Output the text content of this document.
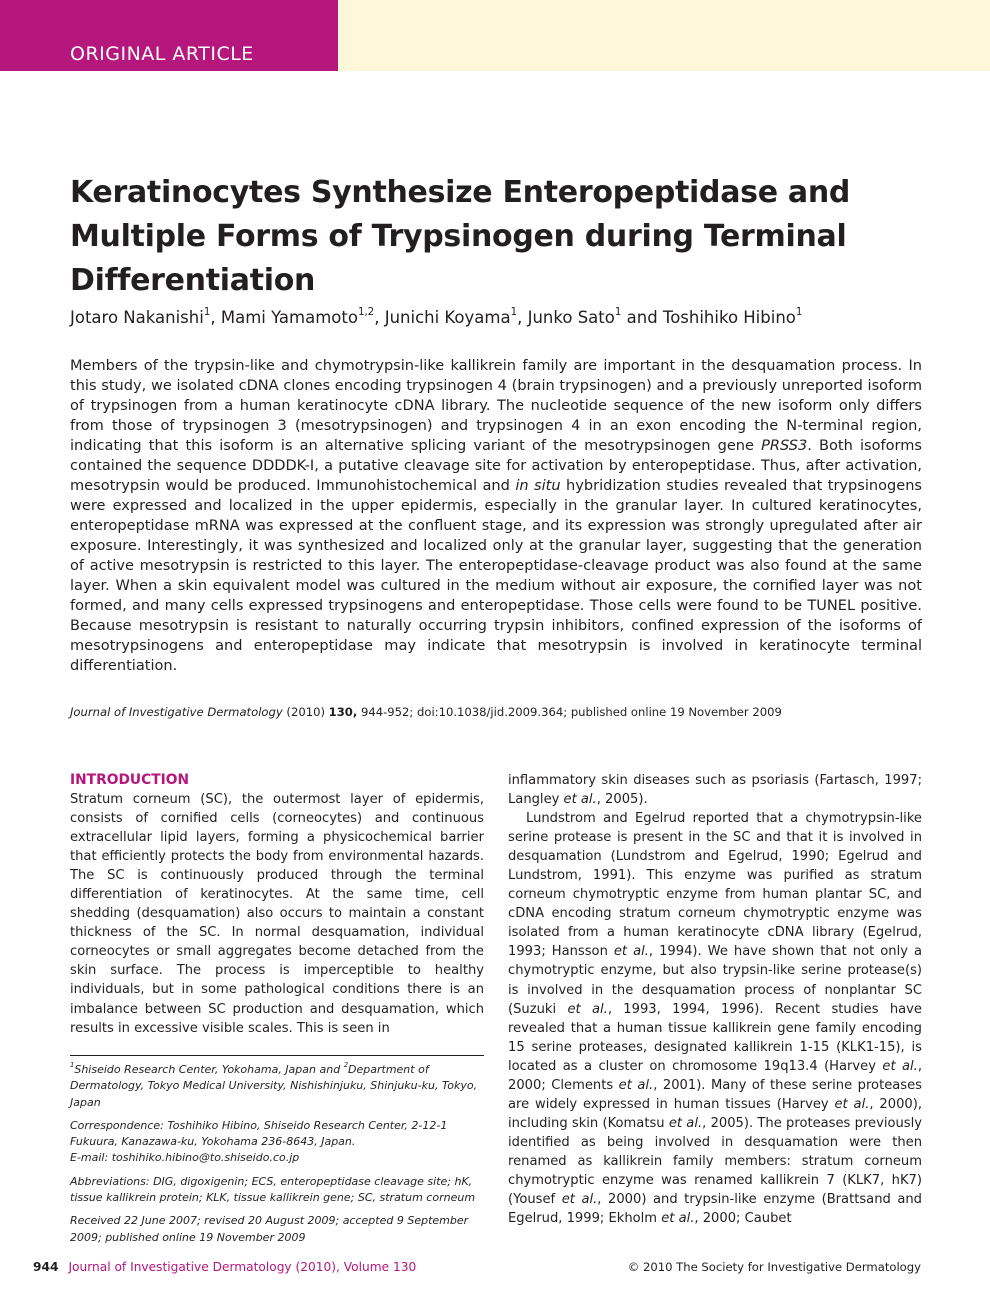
ORIGINAL ARTICLE
Keratinocytes Synthesize Enteropeptidase and Multiple Forms of Trypsinogen during Terminal Differentiation
Jotaro Nakanishi$^1$, Mami Yamamoto$^{1,2}$, Junichi Koyama$^1$, Junko Sato$^1$ and Toshihiko Hibino$^1$

Members of the trypsin-like and chymotrypsin-like kallikrein family are important in the desquamation process. In this study, we isolated cDNA clones encoding trypsinogen 4 (brain trypsinogen) and a previously unreported isoform of trypsinogen from a human keratinocyte cDNA library. The nucleotide sequence of the new isoform only differs from those of trypsinogen 3 (mesotrypsinogen) and trypsinogen 4 in an exon encoding the N-terminal region, indicating that this isoform is an alternative splicing variant of the mesotrypsinogen gene PRSS3. Both isoforms contained the sequence DDDDK-I, a putative cleavage site for activation by enteropeptidase. Thus, after activation, mesotrypsin would be produced. Immunohistochemical and in situ hybridization studies revealed that trypsinogens were expressed and localized in the upper epidermis, especially in the granular layer. In cultured keratinocytes, enteropeptidase mRNA was expressed at the confluent stage, and its expression was strongly upregulated after air exposure. Interestingly, it was synthesized and localized only at the granular layer, suggesting that the generation of active mesotrypsin is restricted to this layer. The enteropeptidase-cleavage product was also found at the same layer. When a skin equivalent model was cultured in the medium without air exposure, the cornified layer was not formed, and many cells expressed trypsinogens and enteropeptidase. Those cells were found to be TUNEL positive. Because mesotrypsin is resistant to naturally occurring trypsin inhibitors, confined expression of the isoforms of mesotrypsinogens and enteropeptidase may indicate that mesotrypsin is involved in keratinocyte terminal differentiation.

Journal of Investigative Dermatology (2010) 130, 944-952; doi:10.1038/jid.2009.364; published online 19 November 2009
INTRODUCTION

Stratum corneum (SC), the outermost layer of epidermis, consists of cornified cells (corneocytes) and continuous extracellular lipid layers, forming a physicochemical barrier that efficiently protects the body from environmental hazards. The SC is continuously produced through the terminal differentiation of keratinocytes. At the same time, cell shedding (desquamation) also occurs to maintain a constant thickness of the SC. In normal desquamation, individual corneocytes or small aggregates become detached from the skin surface. The process is imperceptible to healthy individuals, but in some pathological conditions there is an imbalance between SC production and desquamation, which results in excessive visible scales. This is seen in

inflammatory skin diseases such as psoriasis (Fartasch, 1997; Langley et al., 2005).

Lundstrom and Egelrud reported that a chymotrypsin-like serine protease is present in the SC and that it is involved in desquamation (Lundstrom and Egelrud, 1990; Egelrud and Lundstrom, 1991). This enzyme was purified as stratum corneum chymotryptic enzyme from human plantar SC, and cDNA encoding stratum corneum chymotryptic enzyme was isolated from a human keratinocyte cDNA library (Egelrud, 1993; Hansson et al., 1994). We have shown that not only a chymotryptic enzyme, but also trypsin-like serine protease(s) is involved in the desquamation process of nonplantar SC (Suzuki et al., 1993, 1994, 1996). Recent studies have revealed that a human tissue kallikrein gene family encoding 15 serine proteases, designated kallikrein 1-15 (KLK1-15), is located as a cluster on chromosome 19q13.4 (Harvey et al., 2000; Clements et al., 2001). Many of these serine proteases are widely expressed in human tissues (Harvey et al., 2000), including skin (Komatsu et al., 2005). The proteases previously identified as being involved in desquamation were then renamed as kallikrein family members: stratum corneum chymotryptic enzyme was renamed kallikrein 7 (KLK7, hK7) (Yousef et al., 2000) and trypsin-like enzyme (Brattsand and Egelrud, 1999; Ekholm et al., 2000; Caubet

$^1$Shiseido Research Center, Yokohama, Japan and $^2$Department of Dermatology, Tokyo Medical University, Nishishinjuku, Shinjuku-ku, Tokyo, Japan
Correspondence: Toshihiko Hibino, Shiseido Research Center, 2-12-1 Fukuura, Kanazawa-ku, Yokohama 236-8643, Japan.
E-mail: toshihiko.hibino@to.shiseido.co.jp
Abbreviations: DIG, digoxigenin; ECS, enteropeptidase cleavage site; hK, tissue kallikrein protein; KLK, tissue kallikrein gene; SC, stratum corneum
Received 22 June 2007; revised 20 August 2009; accepted 9 September 2009; published online 19 November 2009
944 Journal of Investigative Dermatology (2010), Volume 130	© 2010 The Society for Investigative Dermatology
